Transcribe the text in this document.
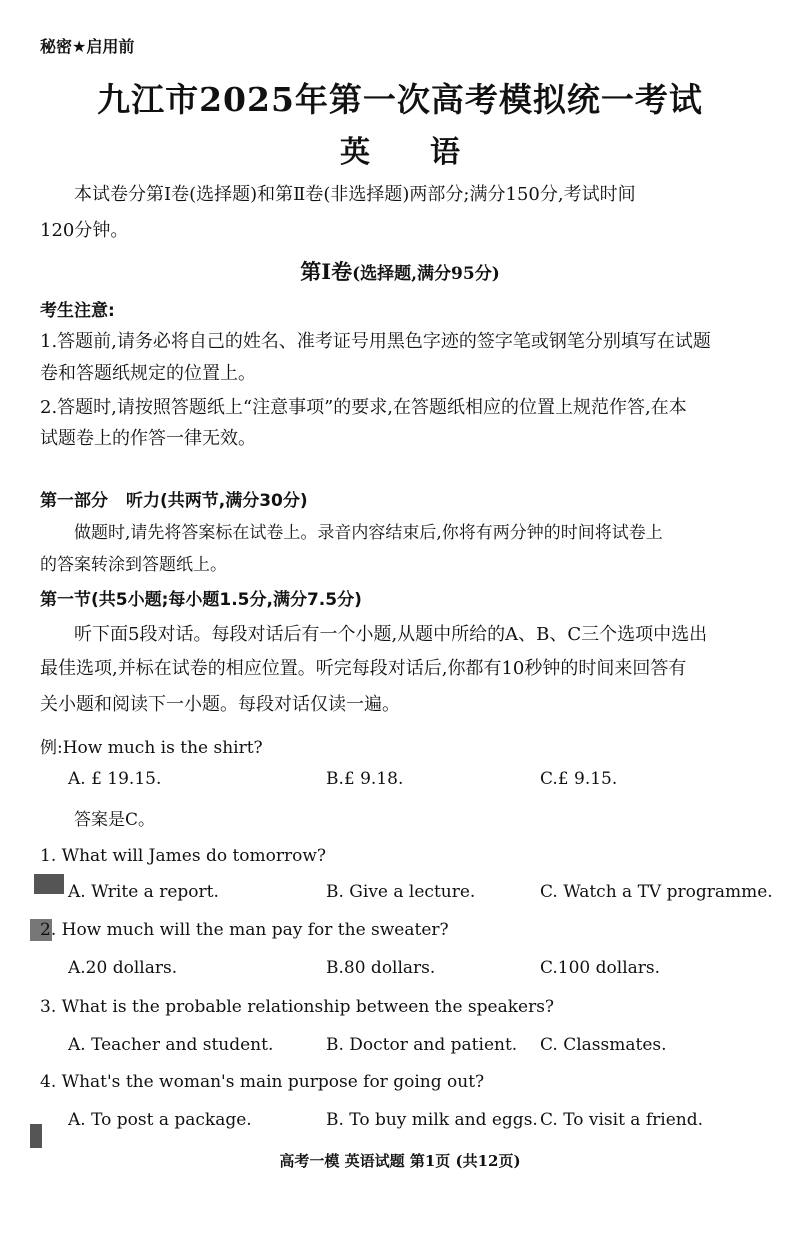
秘密★启用前
九江市2025年第一次高考模拟统一考试
英语
本试卷分第Ⅰ卷(选择题)和第Ⅱ卷(非选择题)两部分;满分150分,考试时间
120分钟。
第Ⅰ卷(选择题,满分95分)
考生注意:
1.答题前,请务必将自己的姓名、准考证号用黑色字迹的签字笔或钢笔分别填写在试题
卷和答题纸规定的位置上。
2.答题时,请按照答题纸上“注意事项”的要求,在答题纸相应的位置上规范作答,在本
试题卷上的作答一律无效。
第一部分 听力(共两节,满分30分)
做题时,请先将答案标在试卷上。录音内容结束后,你将有两分钟的时间将试卷上
的答案转涂到答题纸上。
第一节(共5小题;每小题1.5分,满分7.5分)
听下面5段对话。每段对话后有一个小题,从题中所给的A、B、C三个选项中选出
最佳选项,并标在试卷的相应位置。听完每段对话后,你都有10秒钟的时间来回答有
关小题和阅读下一小题。每段对话仅读一遍。
例:How much is the shirt?
A. £ 19.15.	B.£ 9.18.	C.£ 9.15.
答案是C。
1. What will James do tomorrow?
A. Write a report.	B. Give a lecture.	C. Watch a TV programme.
2. How much will the man pay for the sweater?
A.20 dollars.	B.80 dollars.	C.100 dollars.
3. What is the probable relationship between the speakers?
A. Teacher and student.	B. Doctor and patient. C. Classmates.
4. What's the woman's main purpose for going out?
A. To post a package.	B. To buy milk and eggs. C. To visit a friend.
高考一模 英语试题 第1页 (共12页)
